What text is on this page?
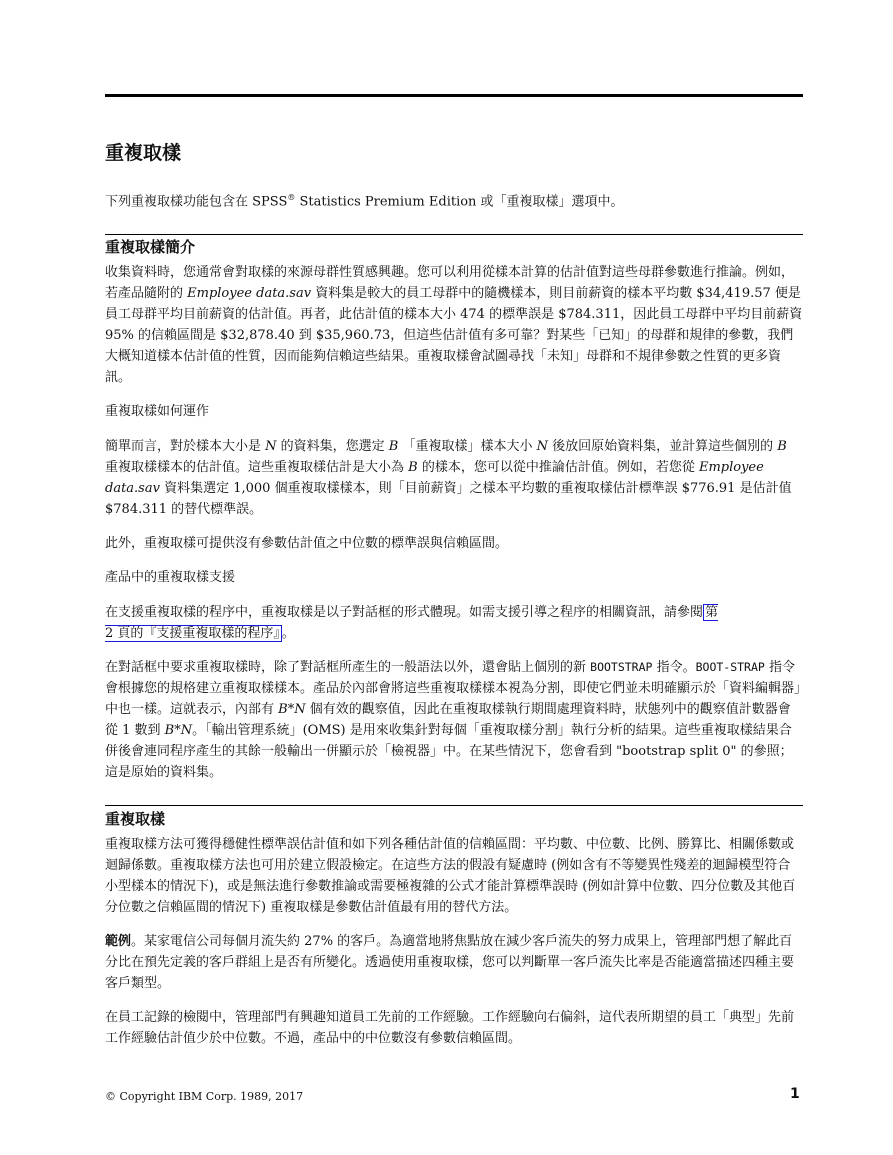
重複取樣

下列重複取樣功能包含在 SPSS® Statistics Premium Edition 或「重複取樣」選項中。

重複取樣簡介

收集資料時，您通常會對取樣的來源母群性質感興趣。您可以利用從樣本計算的估計值對這些母群參數進行推論。例如，若產品隨附的 Employee data.sav 資料集是較大的員工母群中的隨機樣本，則目前薪資的樣本平均數 $34,419.57 便是員工母群平均目前薪資的估計值。再者，此估計值的樣本大小 474 的標準誤是 $784.311，因此員工母群中平均目前薪資 95% 的信賴區間是 $32,878.40 到 $35,960.73，但這些估計值有多可靠？對某些「已知」的母群和規律的參數，我們大概知道樣本估計值的性質，因而能夠信賴這些結果。重複取樣會試圖尋找「未知」母群和不規律參數之性質的更多資訊。

重複取樣如何運作

簡單而言，對於樣本大小是 N 的資料集，您選定 B 「重複取樣」樣本大小 N 後放回原始資料集，並計算這些個別的 B 重複取樣樣本的估計值。這些重複取樣估計是大小為 B 的樣本，您可以從中推論估計值。例如，若您從 Employee data.sav 資料集選定 1,000 個重複取樣樣本，則「目前薪資」之樣本平均數的重複取樣估計標準誤 $776.91 是估計值 $784.311 的替代標準誤。

此外，重複取樣可提供沒有參數估計值之中位數的標準誤與信賴區間。

產品中的重複取樣支援

在支援重複取樣的程序中，重複取樣是以子對話框的形式體現。如需支援引導之程序的相關資訊，請參閱 第
2 頁的『支援重複取樣的程序』 。

在對話框中要求重複取樣時，除了對話框所產生的一般語法以外，還會貼上個別的新 BOOTSTRAP 指令。BOOT-STRAP 指令會根據您的規格建立重複取樣樣本。產品於內部會將這些重複取樣樣本視為分割，即使它們並未明確顯示於「資料編輯器」中也一樣。這就表示，內部有 B*N 個有效的觀察值，因此在重複取樣執行期間處理資料時，狀態列中的觀察值計數器會從 1 數到 B*N。「輸出管理系統」(OMS) 是用來收集針對每個「重複取樣分割」執行分析的結果。這些重複取樣結果合併後會連同程序產生的其餘一般輸出一併顯示於「檢視器」中。在某些情況下，您會看到 "bootstrap split 0" 的參照；這是原始的資料集。

重複取樣

重複取樣方法可獲得穩健性標準誤估計值和如下列各種估計值的信賴區間：平均數、中位數、比例、勝算比、相關係數或迴歸係數。重複取樣方法也可用於建立假設檢定。在這些方法的假設有疑慮時 (例如含有不等變異性殘差的迴歸模型符合小型樣本的情況下)，或是無法進行參數推論或需要極複雜的公式才能計算標準誤時 (例如計算中位數、四分位數及其他百分位數之信賴區間的情況下) 重複取樣是參數估計值最有用的替代方法。

範例。某家電信公司每個月流失約 27% 的客戶。為適當地將焦點放在減少客戶流失的努力成果上，管理部門想了解此百分比在預先定義的客戶群組上是否有所變化。透過使用重複取樣，您可以判斷單一客戶流失比率是否能適當描述四種主要客戶類型。

在員工記錄的檢閱中，管理部門有興趣知道員工先前的工作經驗。工作經驗向右偏斜，這代表所期望的員工「典型」先前工作經驗估計值少於中位數。不過，產品中的中位數沒有參數信賴區間。

© Copyright IBM Corp. 1989, 2017	1
